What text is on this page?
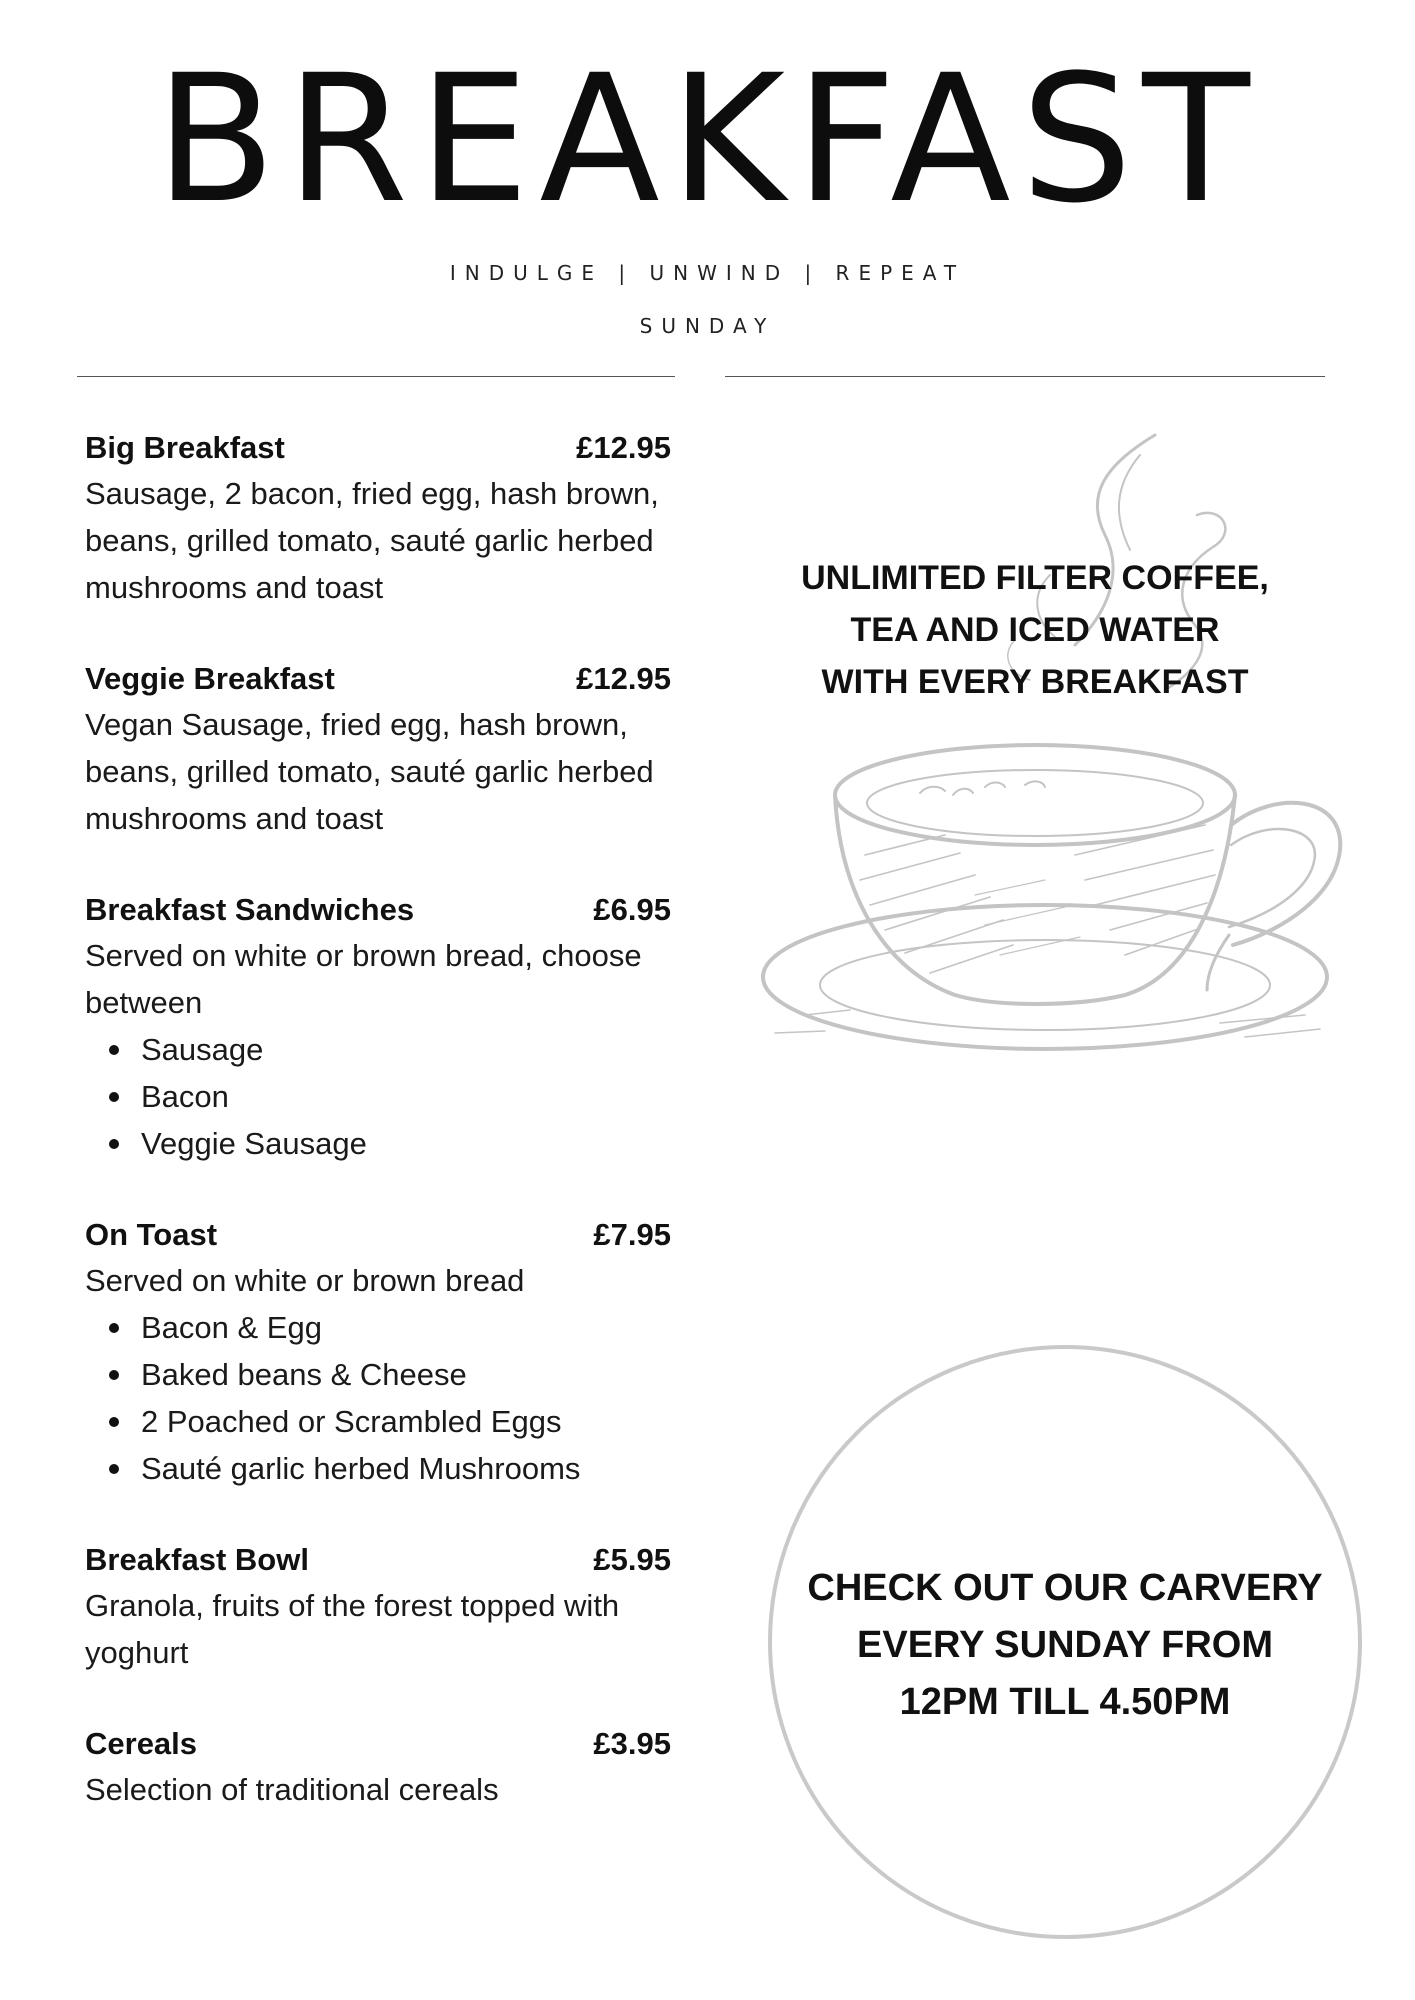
BREAKFAST
INDULGE | UNWIND | REPEAT
SUNDAY
Big Breakfast	£12.95
Sausage, 2 bacon, fried egg, hash brown, beans, grilled tomato, sauté garlic herbed mushrooms and toast
Veggie Breakfast	£12.95
Vegan Sausage, fried egg, hash brown, beans, grilled tomato, sauté garlic herbed mushrooms and toast
Breakfast Sandwiches	£6.95
Served on white or brown bread, choose between
Sausage
Bacon
Veggie Sausage
On Toast	£7.95
Served on white or brown bread
Bacon & Egg
Baked beans & Cheese
2 Poached or Scrambled Eggs
Sauté garlic herbed Mushrooms
Breakfast Bowl	£5.95
Granola, fruits of the forest topped with yoghurt
Cereals	£3.95
Selection of traditional cereals
UNLIMITED FILTER COFFEE,
TEA AND ICED WATER
WITH EVERY BREAKFAST
CHECK OUT OUR CARVERY
EVERY SUNDAY FROM
12PM TILL 4.50PM
